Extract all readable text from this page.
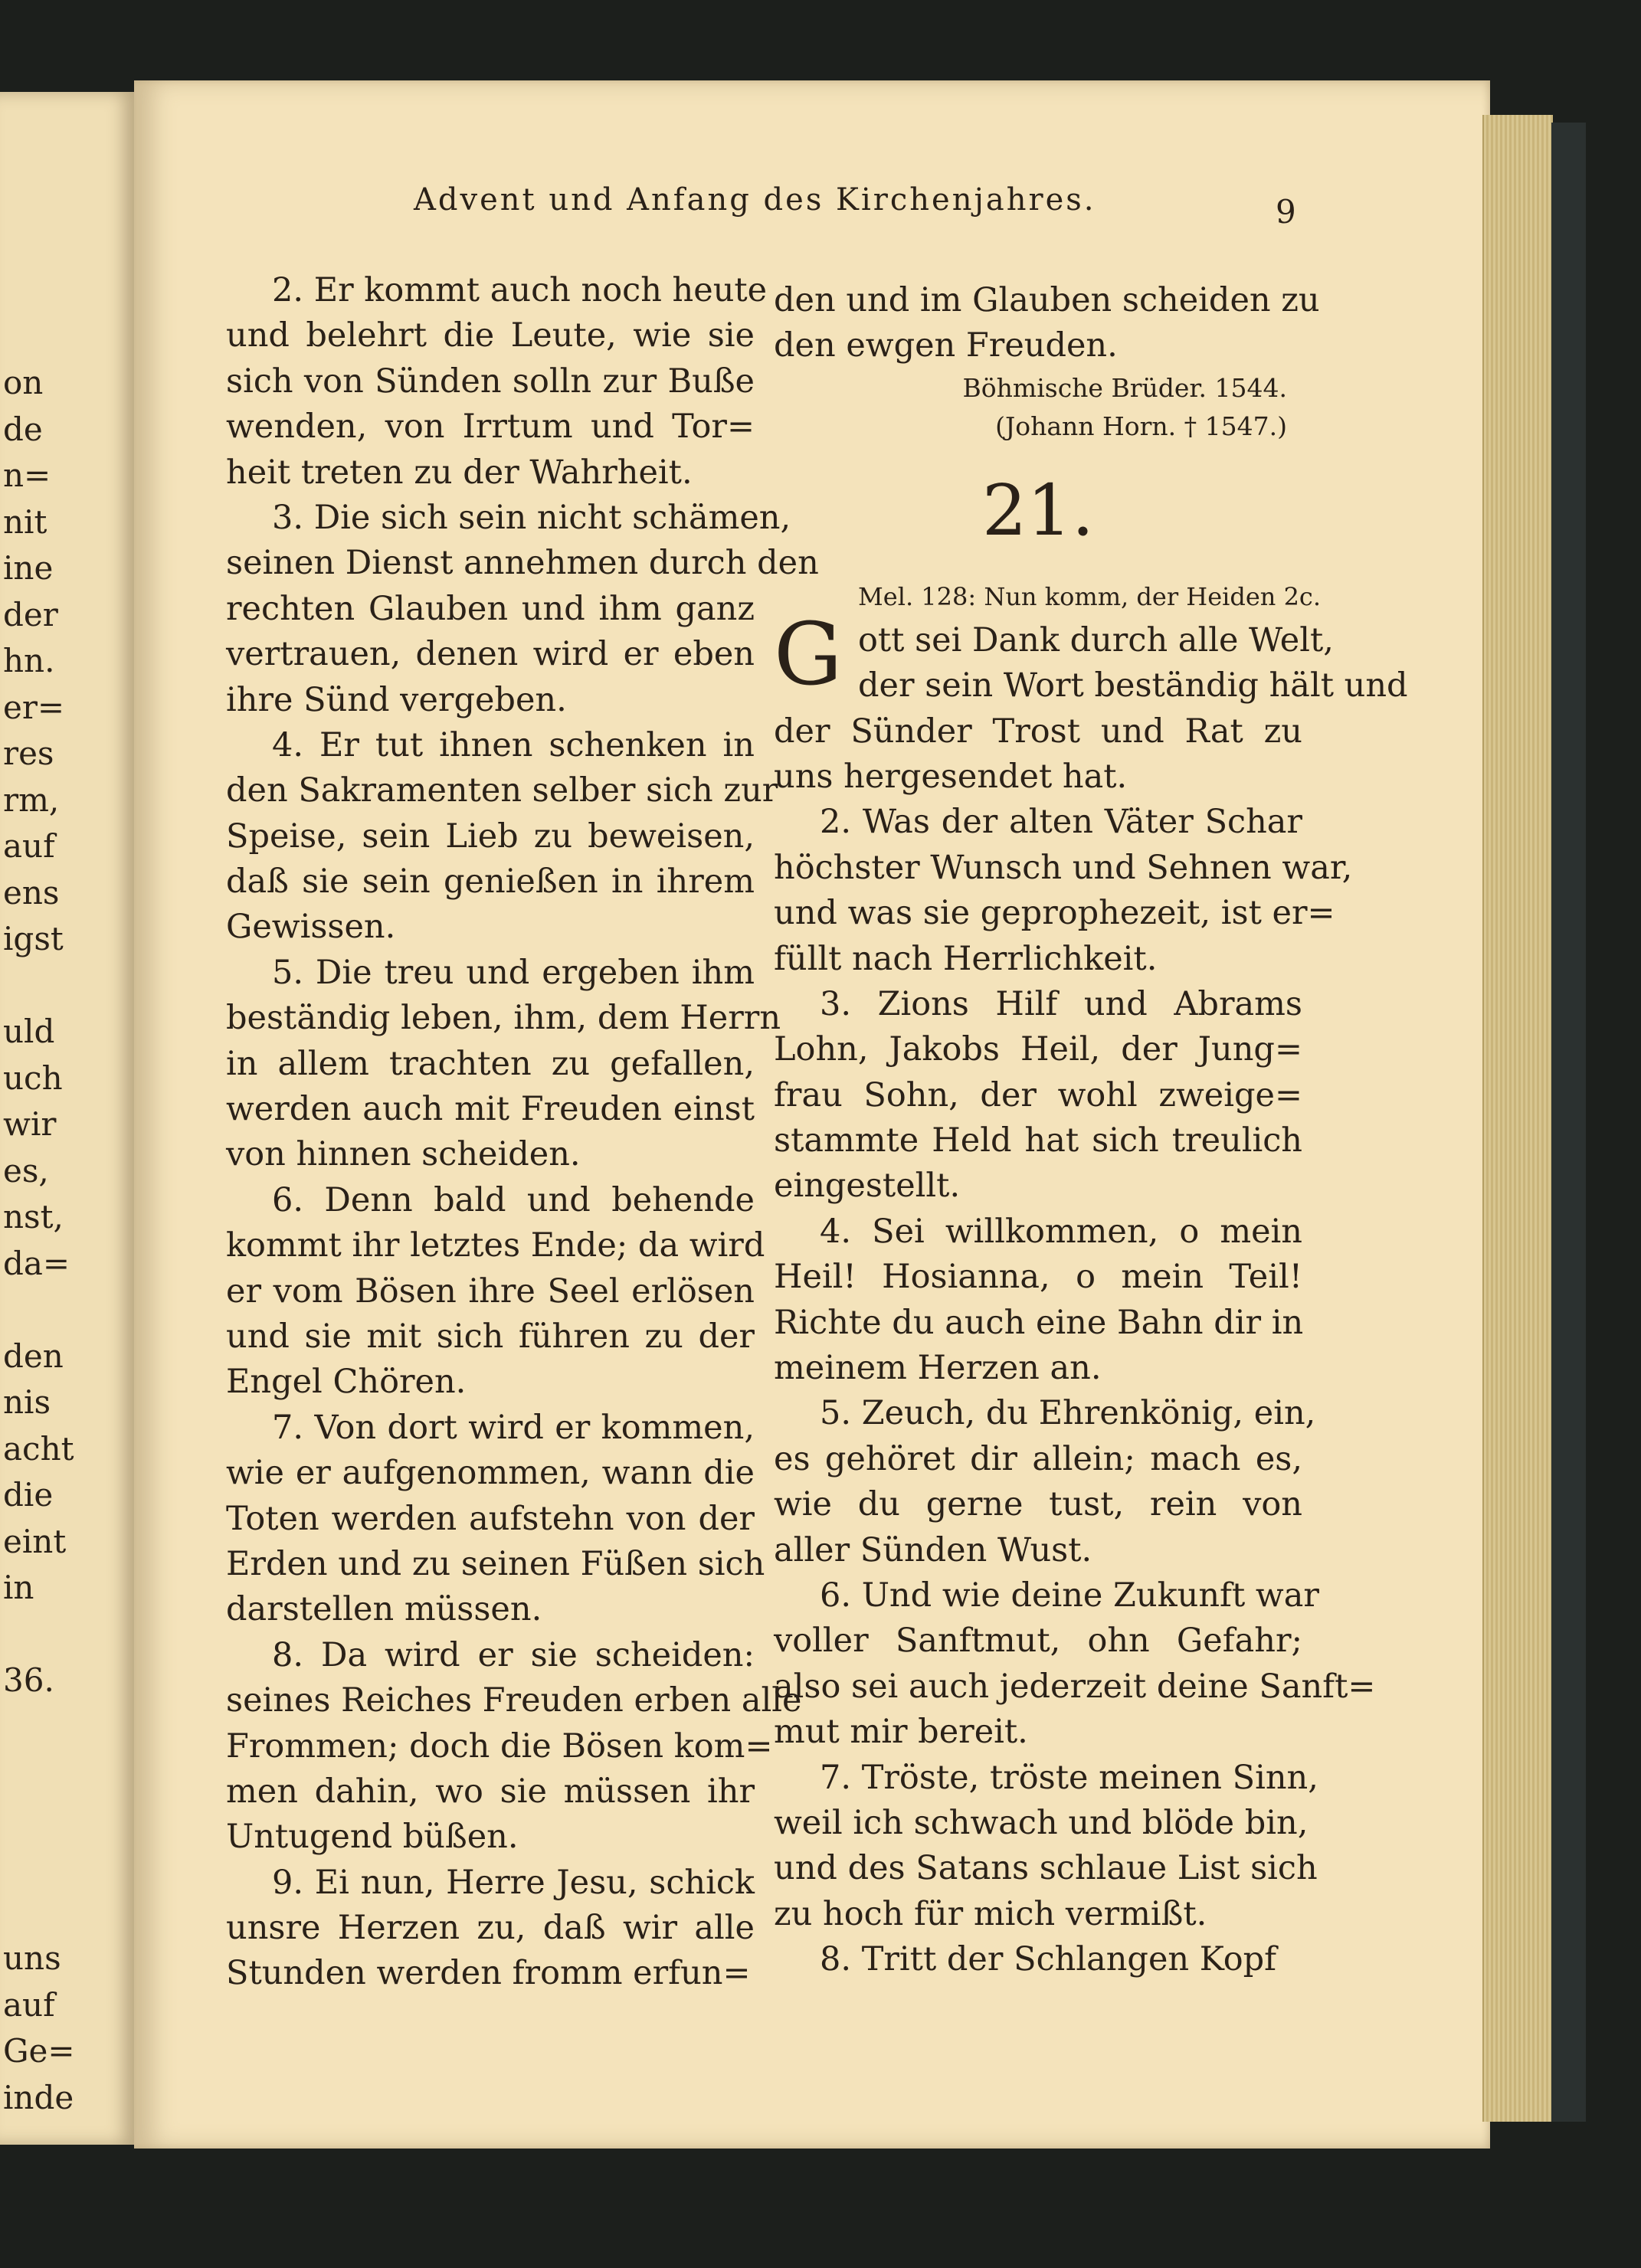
on
de
n=
nit
ine
der
hn.
er=
res
rm,
auf
ens
igst
uld
uch
wir
es,
nst,
da=
den
nis
acht
die
eint
in
36.
uns
auf
Ge=
inde
Advent und Anfang des Kirchenjahres.	9
2. Er kommt auch noch heute
und belehrt die Leute, wie sie
sich von Sünden solln zur Buße
wenden, von Irrtum und Tor=
heit treten zu der Wahrheit.
3. Die sich sein nicht schämen,
seinen Dienst annehmen durch den
rechten Glauben und ihm ganz
vertrauen, denen wird er eben
ihre Sünd vergeben.
4. Er tut ihnen schenken in
den Sakramenten selber sich zur
Speise, sein Lieb zu beweisen,
daß sie sein genießen in ihrem
Gewissen.
5. Die treu und ergeben ihm
beständig leben, ihm, dem Herrn
in allem trachten zu gefallen,
werden auch mit Freuden einst
von hinnen scheiden.
6. Denn bald und behende
kommt ihr letztes Ende; da wird
er vom Bösen ihre Seel erlösen
und sie mit sich führen zu der
Engel Chören.
7. Von dort wird er kommen,
wie er aufgenommen, wann die
Toten werden aufstehn von der
Erden und zu seinen Füßen sich
darstellen müssen.
8. Da wird er sie scheiden:
seines Reiches Freuden erben alle
Frommen; doch die Bösen kom=
men dahin, wo sie müssen ihr
Untugend büßen.
9. Ei nun, Herre Jesu, schick
unsre Herzen zu, daß wir alle
Stunden werden fromm erfun=
den und im Glauben scheiden zu
den ewgen Freuden.
Böhmische Brüder. 1544.
(Johann Horn. † 1547.)
21.
Mel. 128: Nun komm, der Heiden 2c.
G ott sei Dank durch alle Welt,
der sein Wort beständig hält und
der Sünder Trost und Rat zu
uns hergesendet hat.
2. Was der alten Väter Schar
höchster Wunsch und Sehnen war,
und was sie geprophezeit, ist er=
füllt nach Herrlichkeit.
3. Zions Hilf und Abrams
Lohn, Jakobs Heil, der Jung=
frau Sohn, der wohl zweige=
stammte Held hat sich treulich
eingestellt.
4. Sei willkommen, o mein
Heil! Hosianna, o mein Teil!
Richte du auch eine Bahn dir in
meinem Herzen an.
5. Zeuch, du Ehrenkönig, ein,
es gehöret dir allein; mach es,
wie du gerne tust, rein von
aller Sünden Wust.
6. Und wie deine Zukunft war
voller Sanftmut, ohn Gefahr;
also sei auch jederzeit deine Sanft=
mut mir bereit.
7. Tröste, tröste meinen Sinn,
weil ich schwach und blöde bin,
und des Satans schlaue List sich
zu hoch für mich vermißt.
8. Tritt der Schlangen Kopf
